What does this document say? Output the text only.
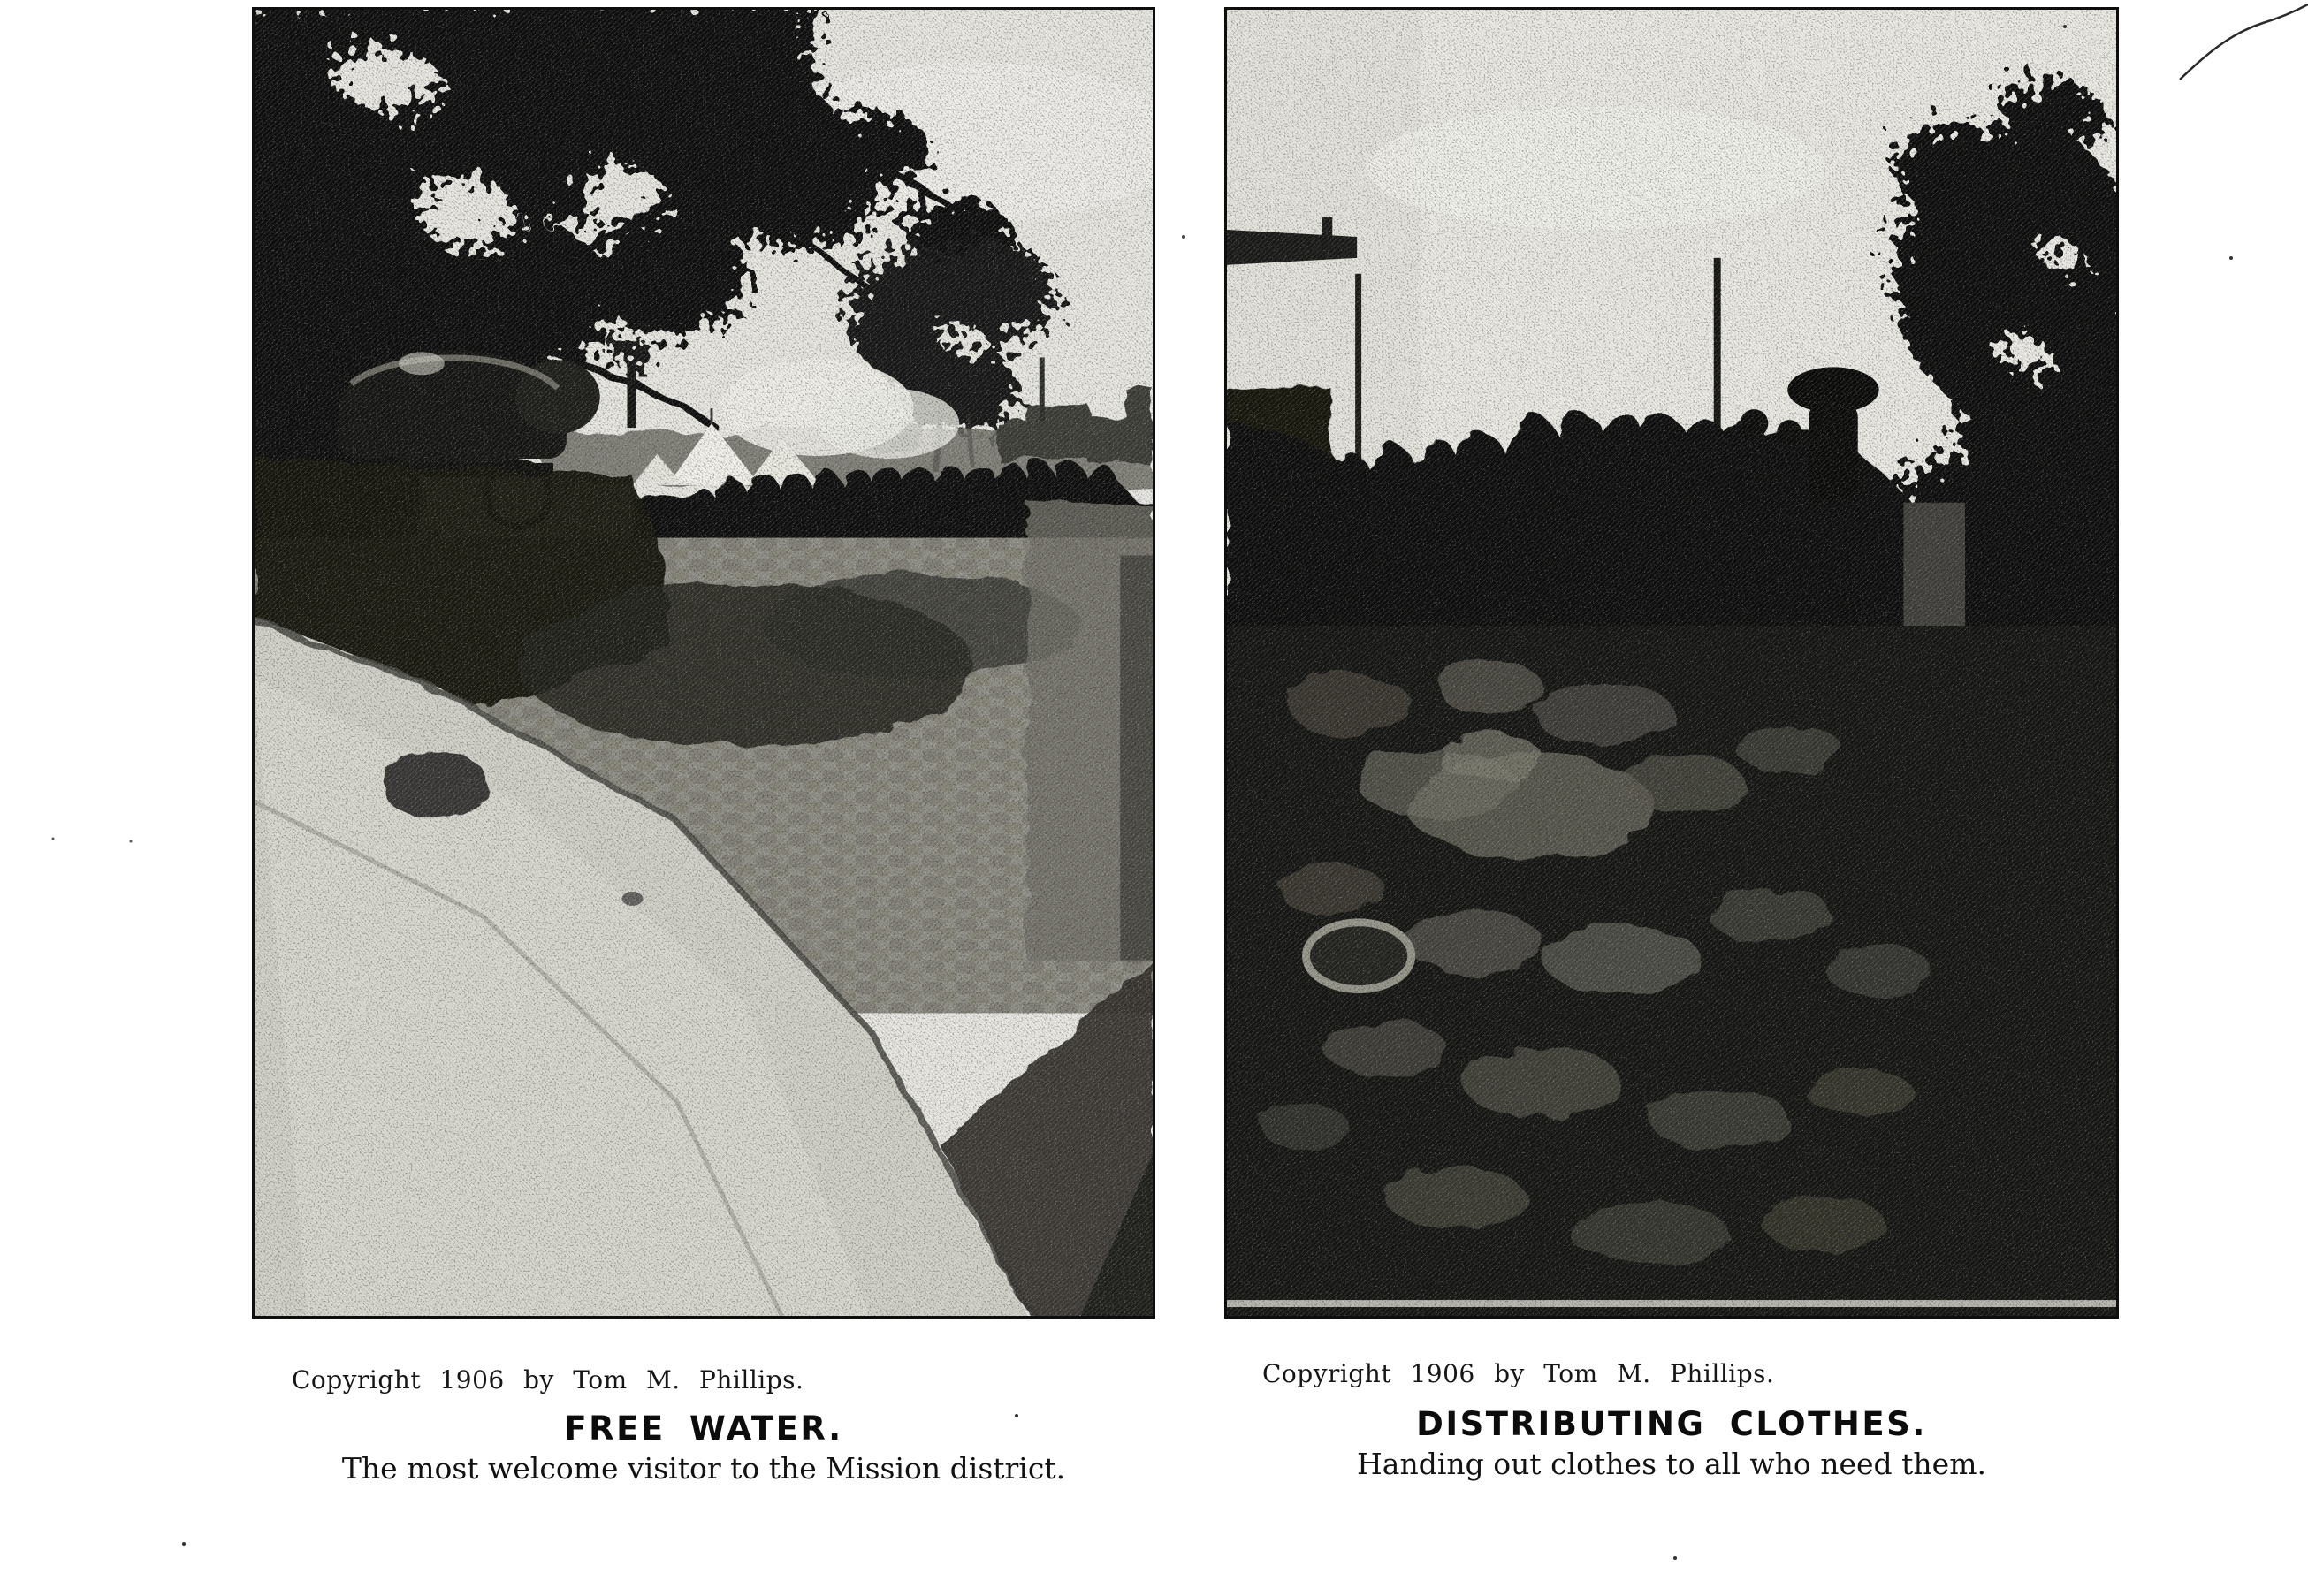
Copyright 1906 by Tom M. Phillips.
FREE WATER.
The most welcome visitor to the Mission district.
Copyright 1906 by Tom M. Phillips.
DISTRIBUTING CLOTHES.
Handing out clothes to all who need them.
